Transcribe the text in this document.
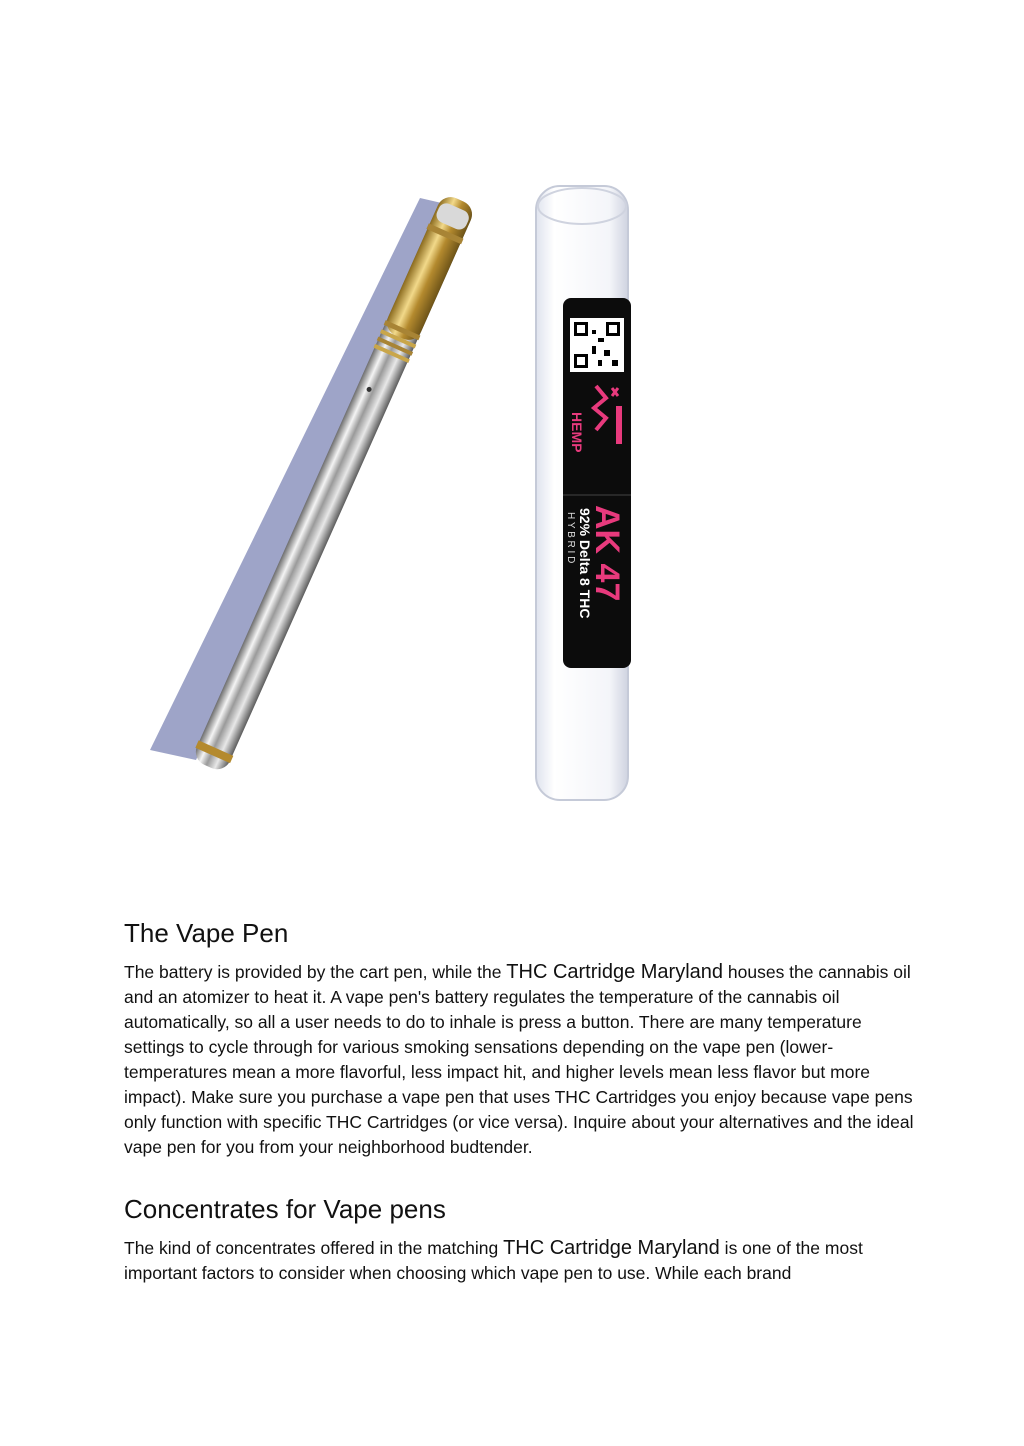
HEMP
AK 47
92% Delta 8 THC
H Y B R I D
The Vape Pen

The battery is provided by the cart pen, while the THC Cartridge Maryland houses the cannabis oil and an atomizer to heat it. A vape pen's battery regulates the temperature of the cannabis oil automatically, so all a user needs to do to inhale is press a button. There are many temperature settings to cycle through for various smoking sensations depending on the vape pen (lower-temperatures mean a more flavorful, less impact hit, and higher levels mean less flavor but more impact). Make sure you purchase a vape pen that uses THC Cartridges you enjoy because vape pens only function with specific THC Cartridges (or vice versa). Inquire about your alternatives and the ideal vape pen for you from your neighborhood budtender.

Concentrates for Vape pens

The kind of concentrates offered in the matching THC Cartridge Maryland is one of the most important factors to consider when choosing which vape pen to use. While each brand
